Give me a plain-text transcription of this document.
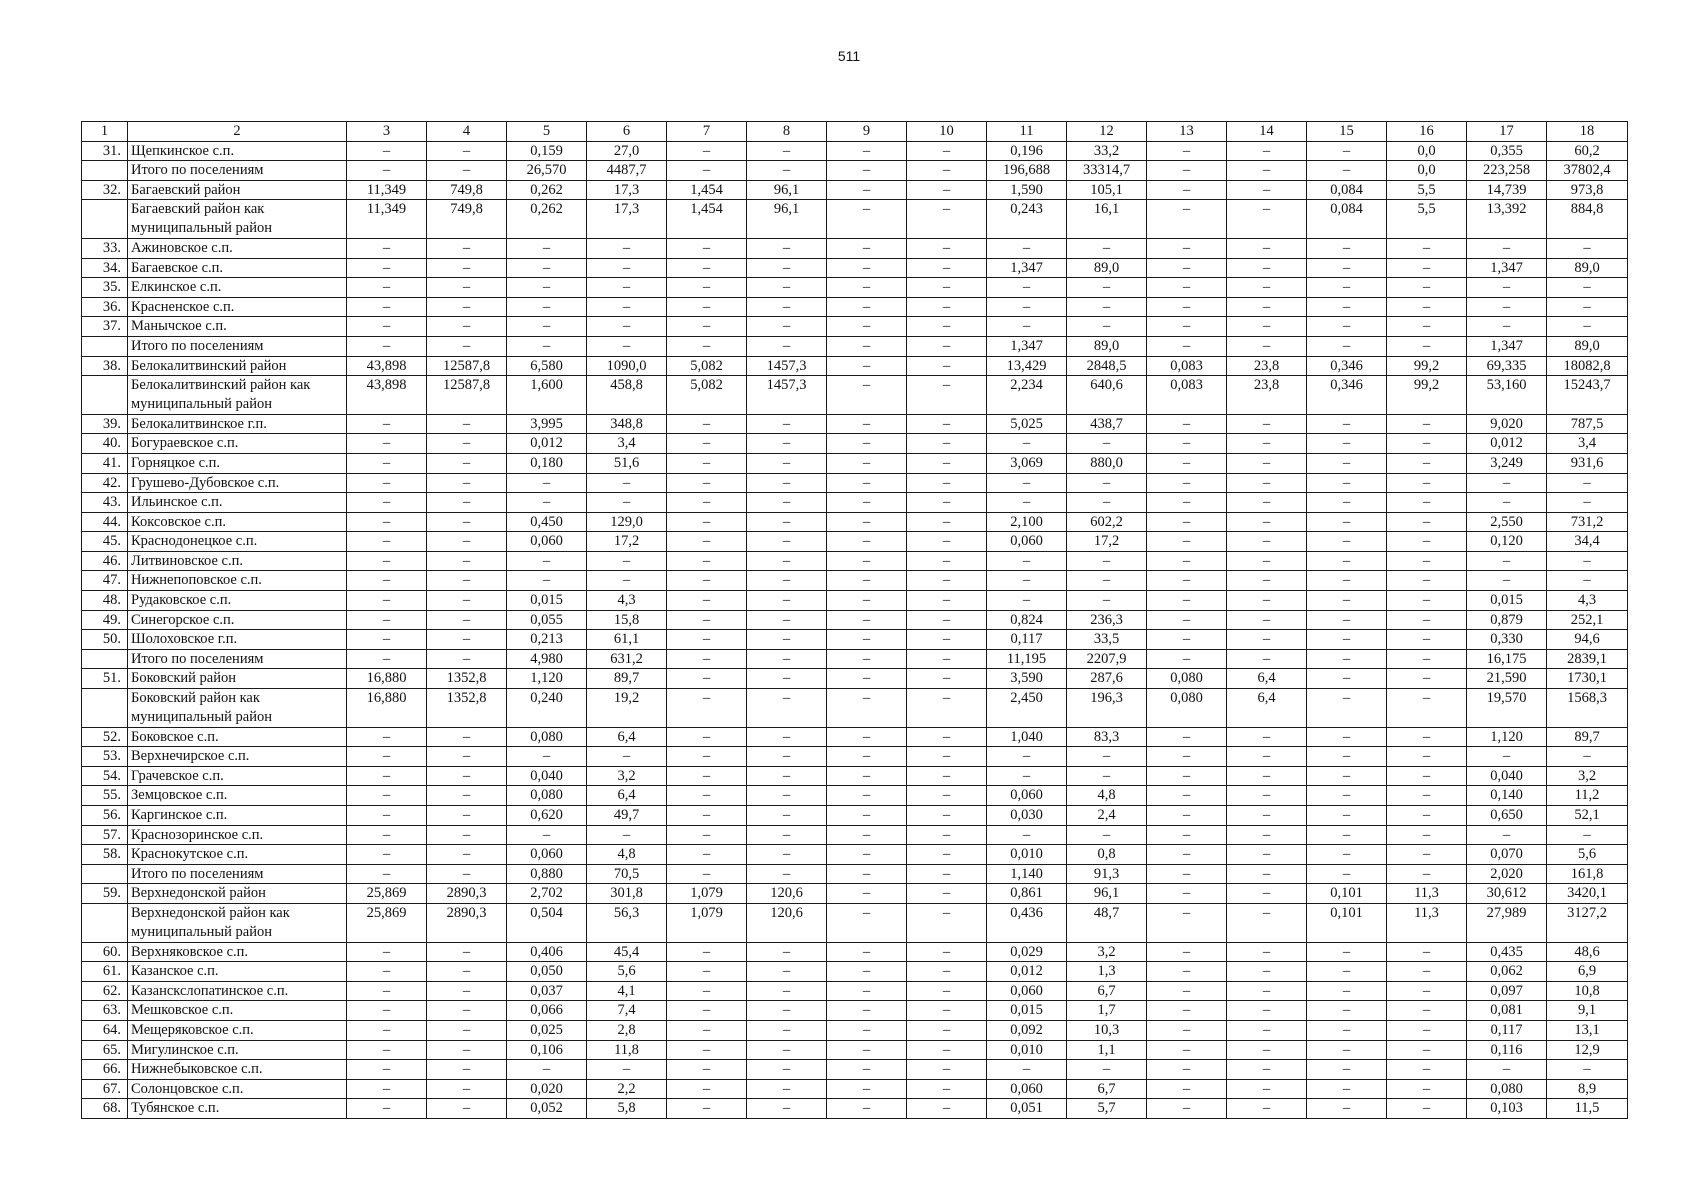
511
1	2	3	4	5	6	7	8	9	10	11	12	13	14	15	16	17	18
31.	Щепкинское с.п.	–	–	0,159	27,0	–	–	–	–	0,196	33,2	–	–	–	0,0	0,355	60,2
	Итого по поселениям	–	–	26,570	4487,7	–	–	–	–	196,688	33314,7	–	–	–	0,0	223,258	37802,4
32.	Багаевский район	11,349	749,8	0,262	17,3	1,454	96,1	–	–	1,590	105,1	–	–	0,084	5,5	14,739	973,8
	Багаевский район как муниципальный район	11,349	749,8	0,262	17,3	1,454	96,1	–	–	0,243	16,1	–	–	0,084	5,5	13,392	884,8
33.	Ажиновское с.п.	–	–	–	–	–	–	–	–	–	–	–	–	–	–	–	–
34.	Багаевское с.п.	–	–	–	–	–	–	–	–	1,347	89,0	–	–	–	–	1,347	89,0
35.	Елкинское с.п.	–	–	–	–	–	–	–	–	–	–	–	–	–	–	–	–
36.	Красненское с.п.	–	–	–	–	–	–	–	–	–	–	–	–	–	–	–	–
37.	Манычское с.п.	–	–	–	–	–	–	–	–	–	–	–	–	–	–	–	–
	Итого по поселениям	–	–	–	–	–	–	–	–	1,347	89,0	–	–	–	–	1,347	89,0
38.	Белокалитвинский район	43,898	12587,8	6,580	1090,0	5,082	1457,3	–	–	13,429	2848,5	0,083	23,8	0,346	99,2	69,335	18082,8
	Белокалитвинский район как муниципальный район	43,898	12587,8	1,600	458,8	5,082	1457,3	–	–	2,234	640,6	0,083	23,8	0,346	99,2	53,160	15243,7
39.	Белокалитвинское г.п.	–	–	3,995	348,8	–	–	–	–	5,025	438,7	–	–	–	–	9,020	787,5
40.	Богураевское с.п.	–	–	0,012	3,4	–	–	–	–	–	–	–	–	–	–	0,012	3,4
41.	Горняцкое с.п.	–	–	0,180	51,6	–	–	–	–	3,069	880,0	–	–	–	–	3,249	931,6
42.	Грушево-Дубовское с.п.	–	–	–	–	–	–	–	–	–	–	–	–	–	–	–	–
43.	Ильинское с.п.	–	–	–	–	–	–	–	–	–	–	–	–	–	–	–	–
44.	Коксовское с.п.	–	–	0,450	129,0	–	–	–	–	2,100	602,2	–	–	–	–	2,550	731,2
45.	Краснодонецкое с.п.	–	–	0,060	17,2	–	–	–	–	0,060	17,2	–	–	–	–	0,120	34,4
46.	Литвиновское с.п.	–	–	–	–	–	–	–	–	–	–	–	–	–	–	–	–
47.	Нижнепоповское с.п.	–	–	–	–	–	–	–	–	–	–	–	–	–	–	–	–
48.	Рудаковское с.п.	–	–	0,015	4,3	–	–	–	–	–	–	–	–	–	–	0,015	4,3
49.	Синегорское с.п.	–	–	0,055	15,8	–	–	–	–	0,824	236,3	–	–	–	–	0,879	252,1
50.	Шолоховское г.п.	–	–	0,213	61,1	–	–	–	–	0,117	33,5	–	–	–	–	0,330	94,6
	Итого по поселениям	–	–	4,980	631,2	–	–	–	–	11,195	2207,9	–	–	–	–	16,175	2839,1
51.	Боковский район	16,880	1352,8	1,120	89,7	–	–	–	–	3,590	287,6	0,080	6,4	–	–	21,590	1730,1
	Боковский район как муниципальный район	16,880	1352,8	0,240	19,2	–	–	–	–	2,450	196,3	0,080	6,4	–	–	19,570	1568,3
52.	Боковское с.п.	–	–	0,080	6,4	–	–	–	–	1,040	83,3	–	–	–	–	1,120	89,7
53.	Верхнечирское с.п.	–	–	–	–	–	–	–	–	–	–	–	–	–	–	–	–
54.	Грачевское с.п.	–	–	0,040	3,2	–	–	–	–	–	–	–	–	–	–	0,040	3,2
55.	Земцовское с.п.	–	–	0,080	6,4	–	–	–	–	0,060	4,8	–	–	–	–	0,140	11,2
56.	Каргинское с.п.	–	–	0,620	49,7	–	–	–	–	0,030	2,4	–	–	–	–	0,650	52,1
57.	Краснозоринское с.п.	–	–	–	–	–	–	–	–	–	–	–	–	–	–	–	–
58.	Краснокутское с.п.	–	–	0,060	4,8	–	–	–	–	0,010	0,8	–	–	–	–	0,070	5,6
	Итого по поселениям	–	–	0,880	70,5	–	–	–	–	1,140	91,3	–	–	–	–	2,020	161,8
59.	Верхнедонской район	25,869	2890,3	2,702	301,8	1,079	120,6	–	–	0,861	96,1	–	–	0,101	11,3	30,612	3420,1
	Верхнедонской район как муниципальный район	25,869	2890,3	0,504	56,3	1,079	120,6	–	–	0,436	48,7	–	–	0,101	11,3	27,989	3127,2
60.	Верхняковское с.п.	–	–	0,406	45,4	–	–	–	–	0,029	3,2	–	–	–	–	0,435	48,6
61.	Казанское с.п.	–	–	0,050	5,6	–	–	–	–	0,012	1,3	–	–	–	–	0,062	6,9
62.	Казанскслопатинское с.п.	–	–	0,037	4,1	–	–	–	–	0,060	6,7	–	–	–	–	0,097	10,8
63.	Мешковское с.п.	–	–	0,066	7,4	–	–	–	–	0,015	1,7	–	–	–	–	0,081	9,1
64.	Мещеряковское с.п.	–	–	0,025	2,8	–	–	–	–	0,092	10,3	–	–	–	–	0,117	13,1
65.	Мигулинское с.п.	–	–	0,106	11,8	–	–	–	–	0,010	1,1	–	–	–	–	0,116	12,9
66.	Нижнебыковское с.п.	–	–	–	–	–	–	–	–	–	–	–	–	–	–	–	–
67.	Солонцовское с.п.	–	–	0,020	2,2	–	–	–	–	0,060	6,7	–	–	–	–	0,080	8,9
68.	Тубянское с.п.	–	–	0,052	5,8	–	–	–	–	0,051	5,7	–	–	–	–	0,103	11,5
